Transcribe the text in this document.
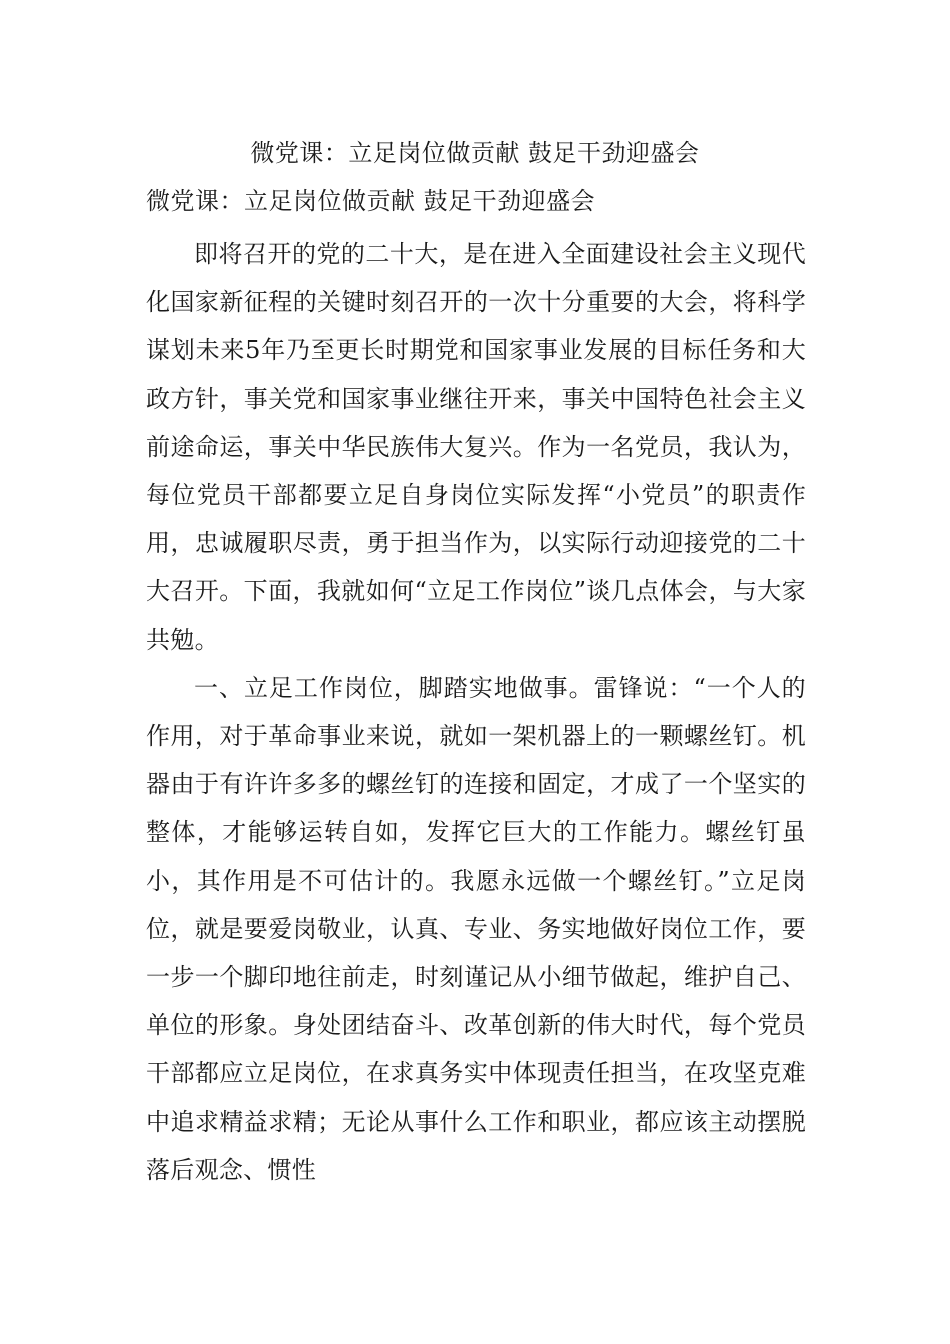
微党课：立足岗位做贡献 鼓足干劲迎盛会
微党课：立足岗位做贡献 鼓足干劲迎盛会

即将召开的党的二十大，是在进入全面建设社会主义现代化国家新征程的关键时刻召开的一次十分重要的大会，将科学谋划未来5年乃至更长时期党和国家事业发展的目标任务和大政方针，事关党和国家事业继往开来，事关中国特色社会主义前途命运，事关中华民族伟大复兴。作为一名党员，我认为，每位党员干部都要立足自身岗位实际发挥“小党员”的职责作用，忠诚履职尽责，勇于担当作为，以实际行动迎接党的二十大召开。下面，我就如何“立足工作岗位”谈几点体会，与大家共勉。

一、立足工作岗位，脚踏实地做事。雷锋说：“一个人的作用，对于革命事业来说，就如一架机器上的一颗螺丝钉。机器由于有许许多多的螺丝钉的连接和固定，才成了一个坚实的整体，才能够运转自如，发挥它巨大的工作能力。螺丝钉虽小，其作用是不可估计的。我愿永远做一个螺丝钉。”立足岗位，就是要爱岗敬业，认真、专业、务实地做好岗位工作，要一步一个脚印地往前走，时刻谨记从小细节做起，维护自己、单位的形象。身处团结奋斗、改革创新的伟大时代，每个党员干部都应立足岗位，在求真务实中体现责任担当，在攻坚克难中追求精益求精；无论从事什么工作和职业，都应该主动摆脱落后观念、惯性
